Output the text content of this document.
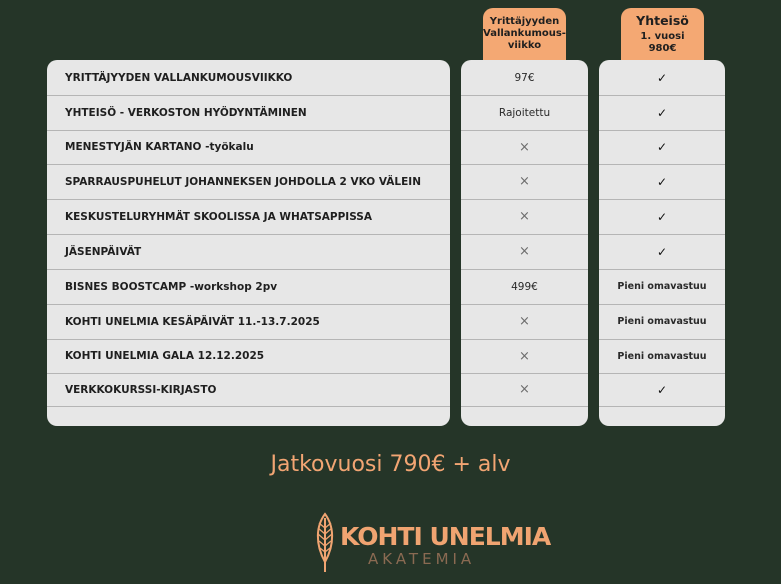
Yrittäjyyden
Vallankumous-
viikko
Yhteisö
1. vuosi
980€
YRITTÄJYYDEN VALLANKUMOUSVIIKKO
YHTEISÖ - VERKOSTON HYÖDYNTÄMINEN
MENESTYJÄN KARTANO -työkalu
SPARRAUSPUHELUT JOHANNEKSEN JOHDOLLA 2 VKO VÄLEIN
KESKUSTELURYHMÄT SKOOLISSA JA WHATSAPPISSA
JÄSENPÄIVÄT
BISNES BOOSTCAMP -workshop 2pv
KOHTI UNELMIA KESÄPÄIVÄT 11.-13.7.2025
KOHTI UNELMIA GALA 12.12.2025
VERKKOKURSSI-KIRJASTO
97€
Rajoitettu
×
×
×
×
499€
×
×
×
✓
✓
✓
✓
✓
✓
Pieni omavastuu
Pieni omavastuu
Pieni omavastuu
✓
Jatkovuosi 790€ + alv
KOHTI UNELMIA
AKATEMIA
